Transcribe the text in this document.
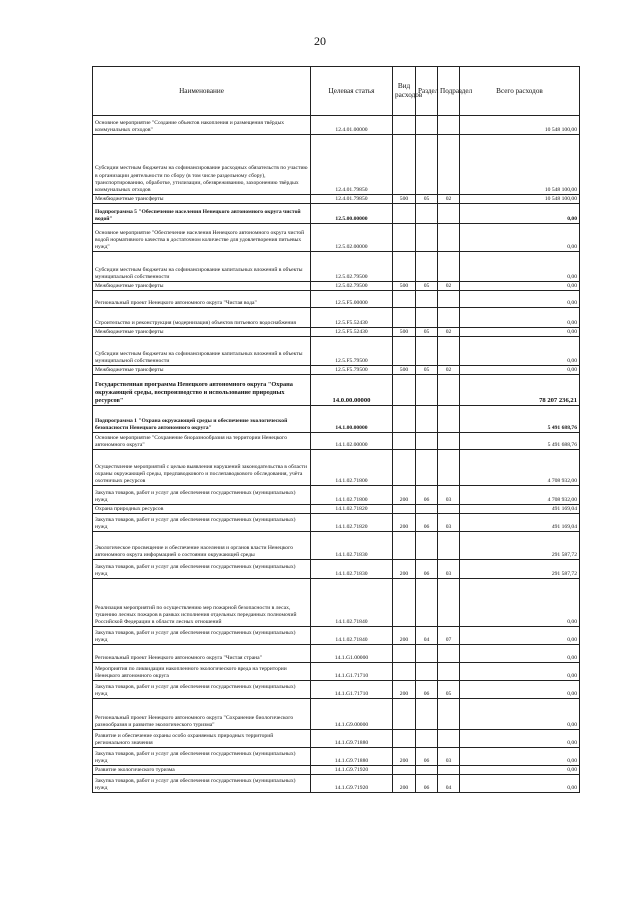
20
Наименование	Целевая статья	Вид расходов	Раздел	Подраздел	Всего расходов
Основное мероприятие "Создание объектов накопления и размещения твёрдых коммунальных отходов"	12.4.01.00000				10 548 100,00
Субсидии местным бюджетам на софинансирование расходных обязательств по участию в организации деятельности по сбору (в том числе раздельному сбору), транспортированию, обработке, утилизации, обезвреживанию, захоронению твёрдых коммунальных отходов	12.4.01.79850				10 548 100,00
Межбюджетные трансферты	12.4.01.79850	500	05	02	10 548 100,00
Подпрограмма 5 "Обеспечение населения Ненецкого автономного округа чистой водой"	12.5.00.00000				0,00
Основное мероприятие "Обеспечение населения Ненецкого автономного округа чистой водой нормативного качества в достаточном количестве для удовлетворения питьевых нужд"	12.5.02.00000				0,00
Субсидии местным бюджетам на софинансирование капитальных вложений в объекты муниципальной собственности	12.5.02.79500				0,00
Межбюджетные трансферты	12.5.02.79500	500	05	02	0,00
Региональный проект Ненецкого автономного округа "Чистая вода"	12.5.F5.00000				0,00
Строительство и реконструкция (модернизация) объектов питьевого водоснабжения	12.5.F5.52430				0,00
Межбюджетные трансферты	12.5.F5.52430	500	05	02	0,00
Субсидии местным бюджетам на софинансирование капитальных вложений в объекты муниципальной собственности	12.5.F5.79500				0,00
Межбюджетные трансферты	12.5.F5.79500	500	05	02	0,00
Государственная программа Ненецкого автономного округа "Охрана окружающей среды, воспроизводство и использование природных ресурсов"	14.0.00.00000				78 207 236,21
Подпрограмма 1 "Охрана окружающей среды и обеспечение экологической безопасности Ненецкого автономного округа"	14.1.00.00000				5 491 688,76
Основное мероприятие "Сохранение биоразнообразия на территории Ненецкого автономного округа"	14.1.02.00000				5 491 688,76
Осуществление мероприятий с целью выявления нарушений законодательства в области охраны окружающей среды, предпаводкового и послепаводкового обследования, учёта охотничьих ресурсов	14.1.02.71800				4 708 932,00
Закупка товаров, работ и услуг для обеспечения государственных (муниципальных) нужд	14.1.02.71800	200	06	03	4 708 932,00
Охрана природных ресурсов	14.1.02.71820				491 169,04
Закупка товаров, работ и услуг для обеспечения государственных (муниципальных) нужд	14.1.02.71820	200	06	03	491 169,04
Экологическое просвещение и обеспечение населения и органов власти Ненецкого автономного округа информацией о состоянии окружающей среды	14.1.02.71830				291 587,72
Закупка товаров, работ и услуг для обеспечения государственных (муниципальных) нужд	14.1.02.71830	200	06	03	291 587,72
Реализация мероприятий по осуществлению мер пожарной безопасности в лесах, тушению лесных пожаров в рамках исполнения отдельных переданных полномочий Российской Федерации в области лесных отношений	14.1.02.71840				0,00
Закупка товаров, работ и услуг для обеспечения государственных (муниципальных) нужд	14.1.02.71840	200	04	07	0,00
Региональный проект Ненецкого автономного округа "Чистая страна"	14.1.G1.00000				0,00
Мероприятия по ликвидации накопленного экологического вреда на территории Ненецкого автономного округа	14.1.G1.71710				0,00
Закупка товаров, работ и услуг для обеспечения государственных (муниципальных) нужд	14.1.G1.71710	200	06	05	0,00
Региональный проект Ненецкого автономного округа "Сохранение биологического разнообразия и развитие экологического туризма"	14.1.G9.00000				0,00
Развитие и обеспечение охраны особо охраняемых природных территорий регионального значения	14.1.G9.71880				0,00
Закупка товаров, работ и услуг для обеспечения государственных (муниципальных) нужд	14.1.G9.71880	200	06	03	0,00
Развитие экологического туризма	14.1.G9.71920				0,00
Закупка товаров, работ и услуг для обеспечения государственных (муниципальных) нужд	14.1.G9.71920	200	06	04	0,00
